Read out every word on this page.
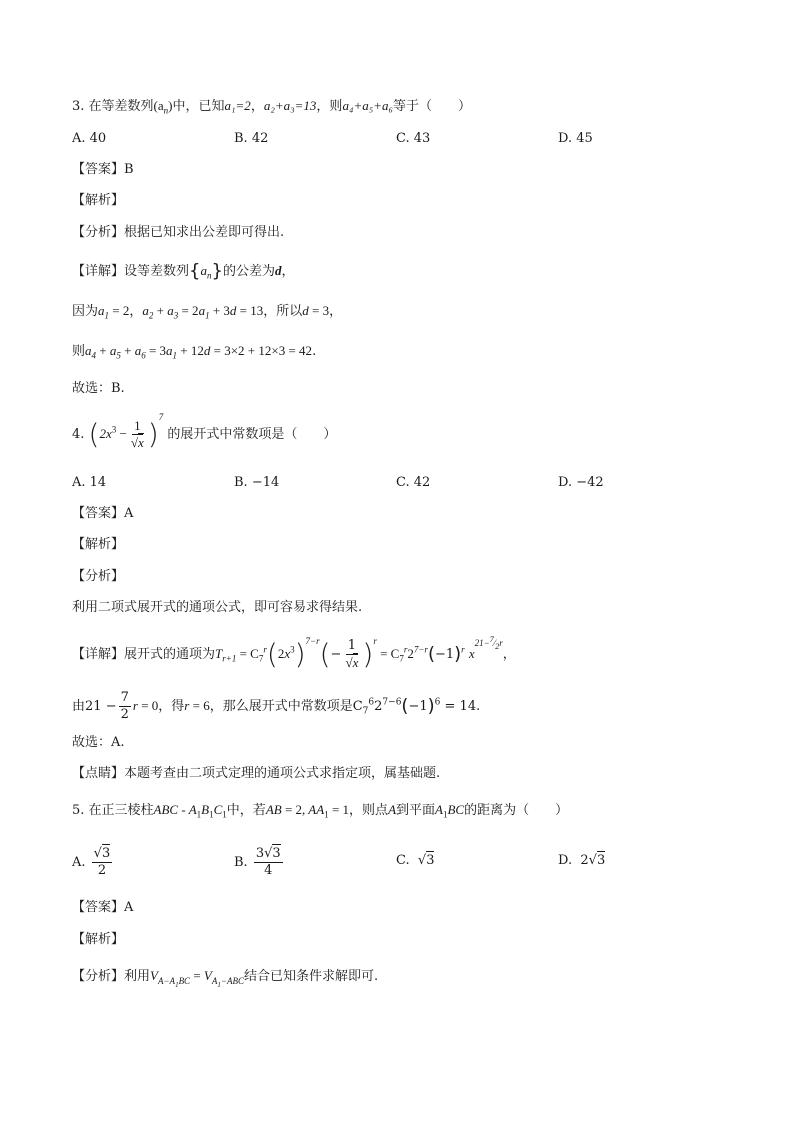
3. 在等差数列$(a_n)$中，已知a₁=2，a₂+a₃=13，则a₄+a₅+a₆等于（　　）
A. 40	B. 42	C. 43	D. 45
【答案】B
【解析】
【分析】根据已知求出公差即可得出.
【详解】设等差数列$\{a_n\}$的公差为d，
因为$a_1 = 2$，$a_2 + a_3 = 2a_1 + 3d = 13$，所以d = 3，
则$a_4 + a_5 + a_6 = 3a_1 + 12d = 3\times 2 + 12\times 3 = 42$.
故选：B.
4. $(2x^3 - \frac{1}{√x} )^7$ 的展开式中常数项是（　　）
A. 14	B. −14	C. 42	D. −42
【答案】A
【解析】
【分析】
利用二项式展开式的通项公式，即可容易求得结果.
【详解】展开式的通项为$T_{r+1} = C_7^r(2x^3)^{7-r}(- \frac{1}{√x} )^r = C_7^r2^{7-r}(-1)^r$ $x^{21-^7⁄_2r}$，
由$21 - \frac{7}{2}$ r = 0，得r = 6，那么展开式中常数项是$C_7^62^{7-6}(-1)^6 = 14$.
故选：A.
【点睛】本题考查由二项式定理的通项公式求指定项，属基础题.
5. 在正三棱柱ABC - $A_1B_1C_1$中，若AB = 2, $AA_1 = 1$，则点A到平面$A_1BC$的距离为（　　）
A. $\frac{√3}{2}$	B. $\frac{3√3}{4}$	C. √3	D.  2√3
【答案】A
【解析】
【分析】利用$V_{A-A_1BC} = V_{A_1-ABC}$结合已知条件求解即可.
